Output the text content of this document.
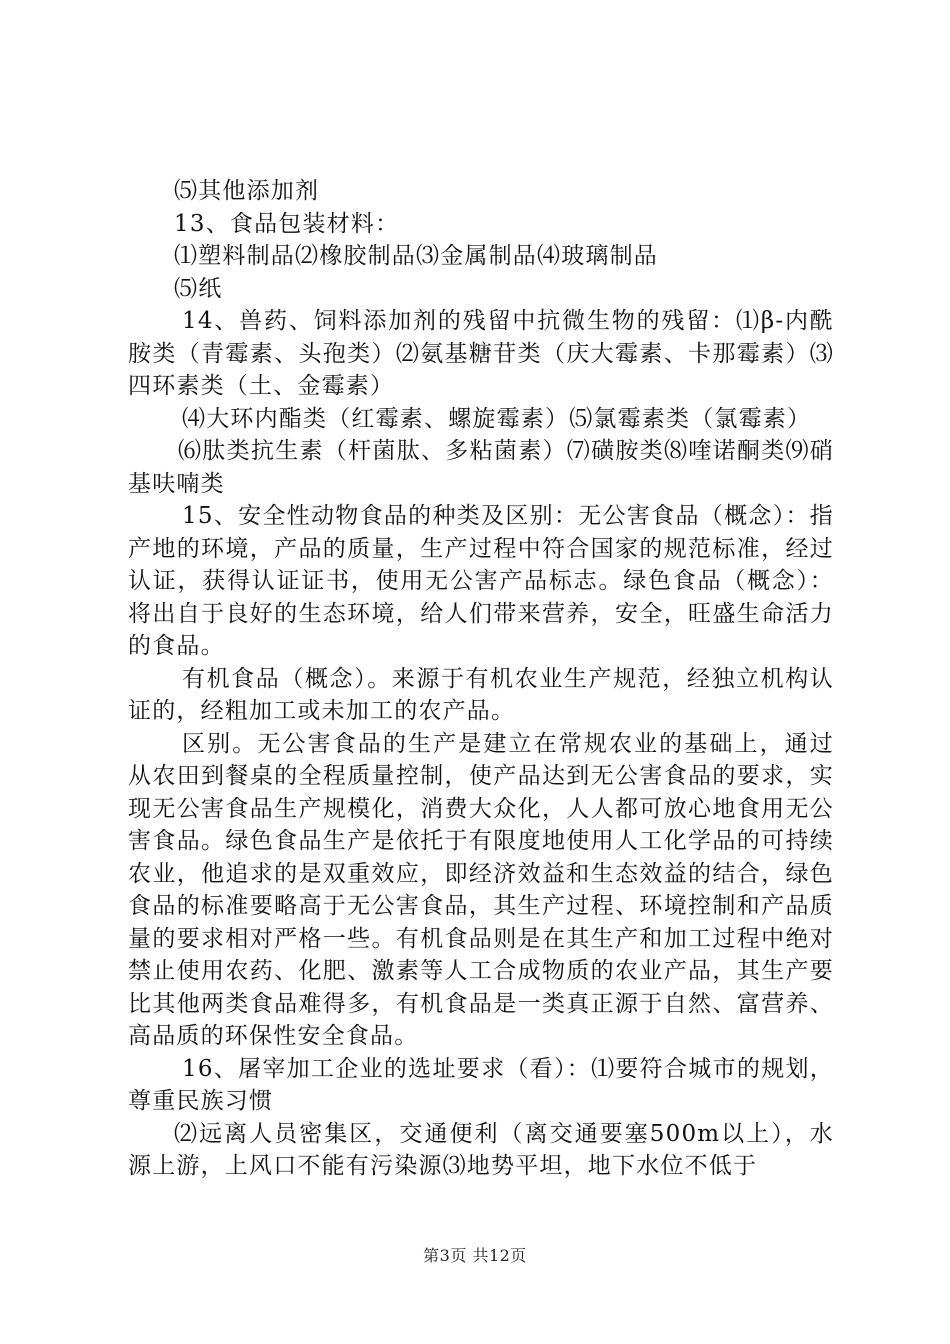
⑸其他添加剂

13、食品包装材料：

⑴塑料制品⑵橡胶制品⑶金属制品⑷玻璃制品

⑸纸

14、兽药、饲料添加剂的残留中抗微生物的残留：⑴β-内酰胺类（青霉素、头孢类）⑵氨基糖苷类（庆大霉素、卡那霉素）⑶四环素类（土、金霉素）

⑷大环内酯类（红霉素、螺旋霉素）⑸氯霉素类（氯霉素）

⑹肽类抗生素（杆菌肽、多粘菌素）⑺磺胺类⑻喹诺酮类⑼硝基呋喃类

15、安全性动物食品的种类及区别：无公害食品（概念）：指产地的环境，产品的质量，生产过程中符合国家的规范标准，经过认证，获得认证证书，使用无公害产品标志。绿色食品（概念）：将出自于良好的生态环境，给人们带来营养，安全，旺盛生命活力的食品。

有机食品（概念）。来源于有机农业生产规范，经独立机构认证的，经粗加工或未加工的农产品。

区别。无公害食品的生产是建立在常规农业的基础上，通过从农田到餐桌的全程质量控制，使产品达到无公害食品的要求，实现无公害食品生产规模化，消费大众化，人人都可放心地食用无公害食品。绿色食品生产是依托于有限度地使用人工化学品的可持续农业，他追求的是双重效应，即经济效益和生态效益的结合，绿色食品的标准要略高于无公害食品，其生产过程、环境控制和产品质量的要求相对严格一些。有机食品则是在其生产和加工过程中绝对禁止使用农药、化肥、激素等人工合成物质的农业产品，其生产要比其他两类食品难得多，有机食品是一类真正源于自然、富营养、高品质的环保性安全食品。

16、屠宰加工企业的选址要求（看）：⑴要符合城市的规划，尊重民族习惯

⑵远离人员密集区，交通便利（离交通要塞500m以上），水源上游，上风口不能有污染源⑶地势平坦，地下水位不低于

第3页 共12页
